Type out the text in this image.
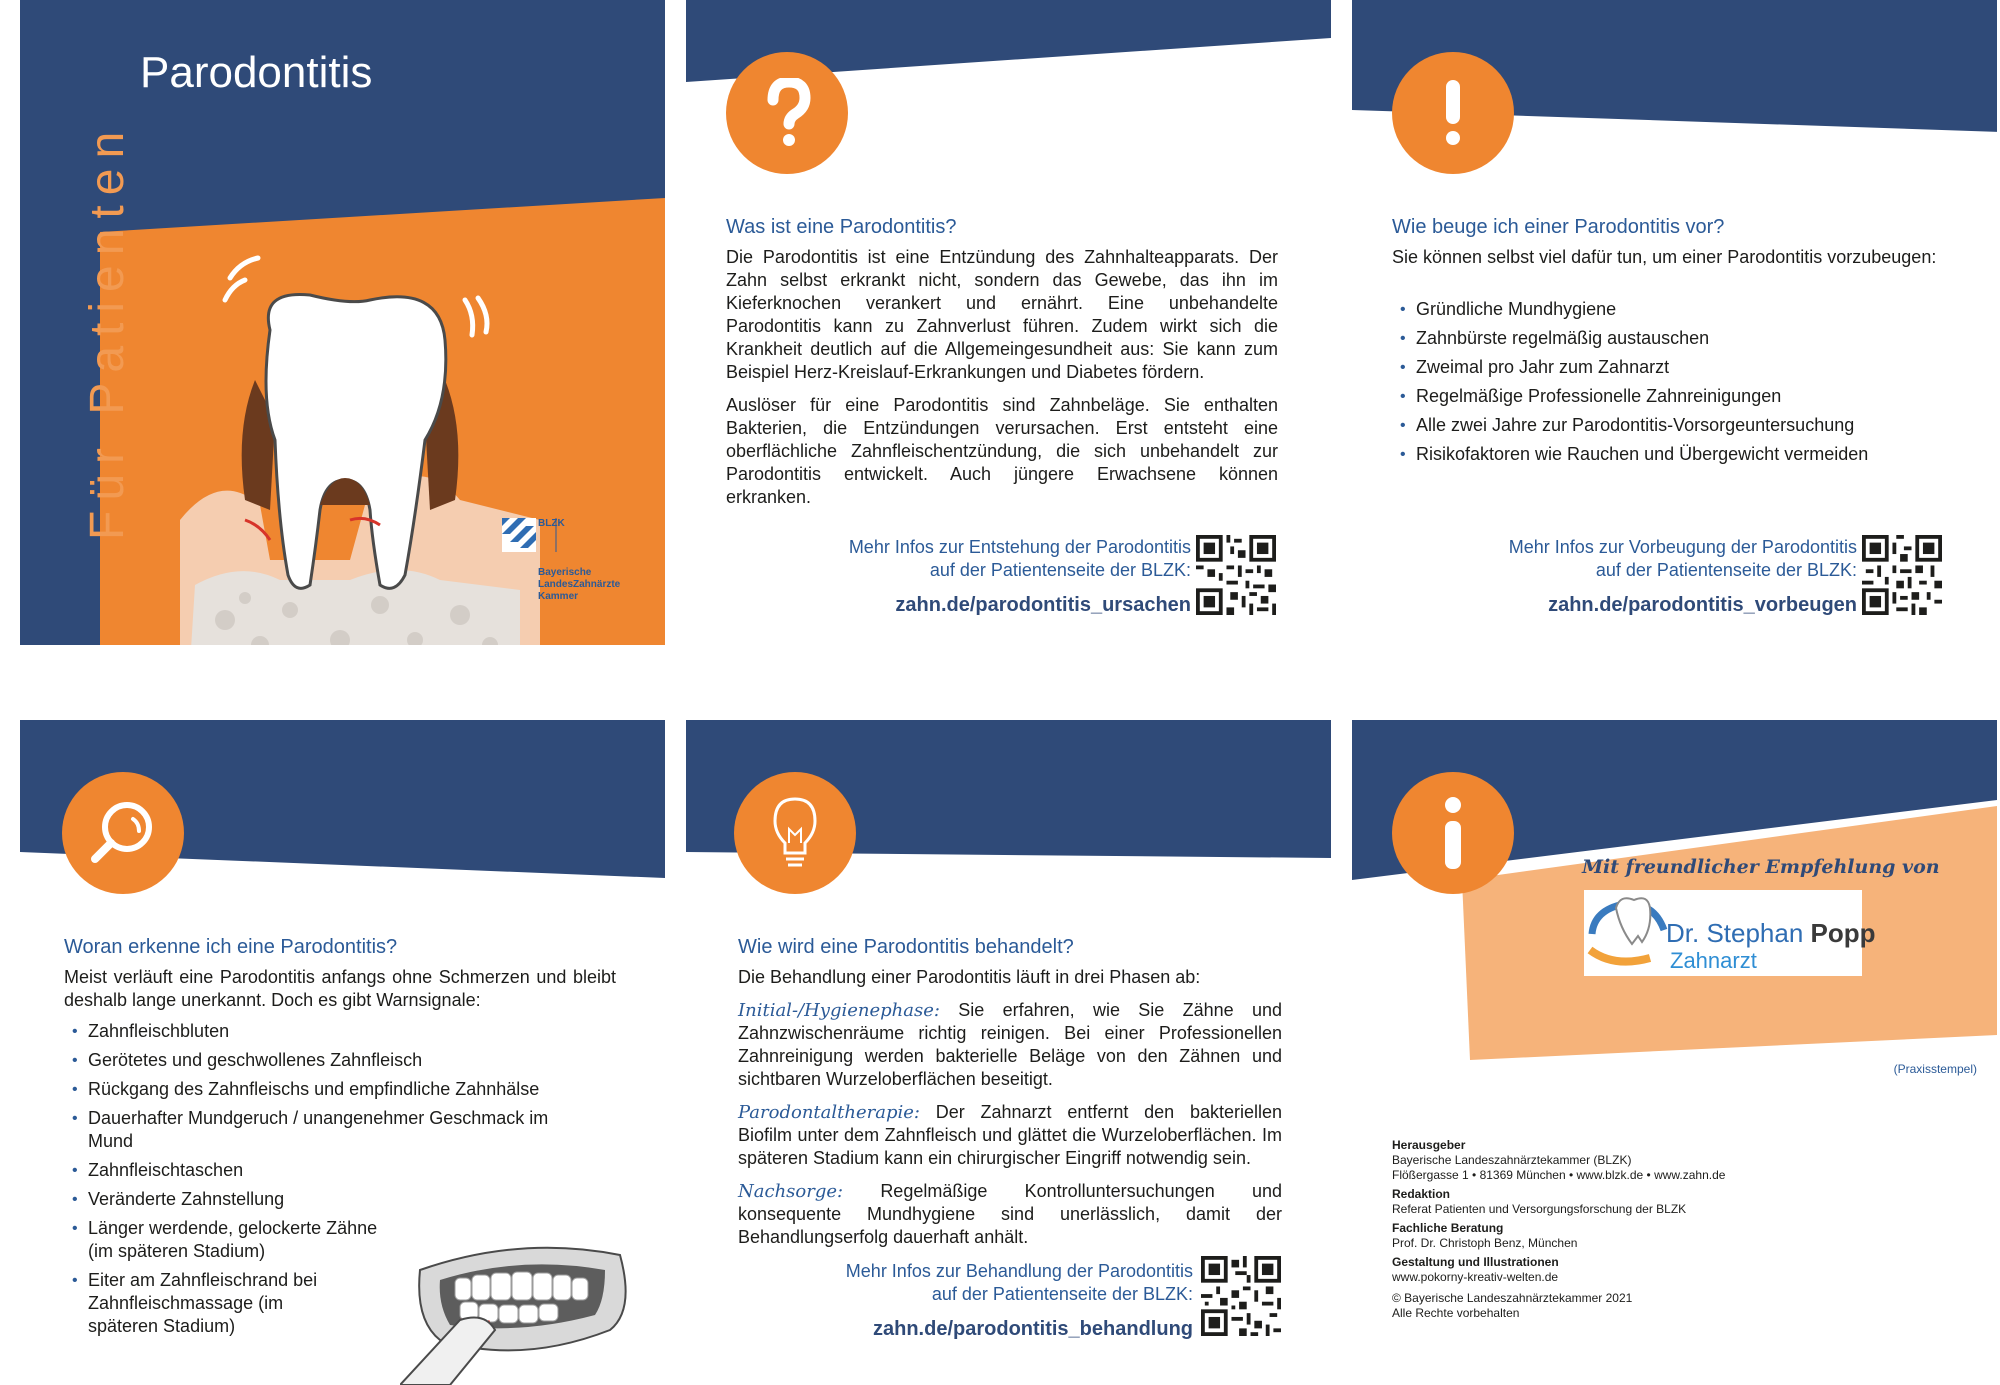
Parodontitis
Für Patienten	BLZK
Bayerische
LandesZahnärzte
Kammer
Was ist eine Parodontitis?

Die Parodontitis ist eine Entzündung des Zahnhalteapparats. Der Zahn selbst erkrankt nicht, sondern das Gewebe, das ihn im Kieferknochen verankert und ernährt. Eine unbehandelte Parodontitis kann zu Zahnverlust führen. Zudem wirkt sich die Krankheit deutlich auf die Allgemeingesundheit aus: Sie kann zum Beispiel Herz-Kreislauf-Erkrankungen und Diabetes fördern.

Auslöser für eine Parodontitis sind Zahnbeläge. Sie enthalten Bakterien, die Entzündungen verursachen. Erst entsteht eine oberflächliche Zahnfleischentzündung, die sich unbehandelt zur Parodontitis entwickelt. Auch jüngere Erwachsene können erkranken.

Mehr Infos zur Entstehung der Parodontitis
auf der Patientenseite der BLZK:
zahn.de/parodontitis_ursachen
Wie beuge ich einer Parodontitis vor?
Sie können selbst viel dafür tun, um einer Parodontitis vorzubeugen:
• Gründliche Mundhygiene
• Zahnbürste regelmäßig austauschen
• Zweimal pro Jahr zum Zahnarzt
• Regelmäßige Professionelle Zahnreinigungen
• Alle zwei Jahre zur Parodontitis-Vorsorgeuntersuchung
• Risikofaktoren wie Rauchen und Übergewicht vermeiden
Mehr Infos zur Vorbeugung der Parodontitis
auf der Patientenseite der BLZK:
zahn.de/parodontitis_vorbeugen
Woran erkenne ich eine Parodontitis?
Meist verläuft eine Parodontitis anfangs ohne Schmerzen und bleibt deshalb lange unerkannt. Doch es gibt Warnsignale:
• Zahnfleischbluten
• Gerötetes und geschwollenes Zahnfleisch
• Rückgang des Zahnfleischs und empfindliche Zahnhälse
• Dauerhafter Mundgeruch / unangenehmer Geschmack im Mund
• Zahnfleischtaschen
• Veränderte Zahnstellung
• Länger werdende, gelockerte Zähne (im späteren Stadium)
• Eiter am Zahnfleischrand bei Zahnfleischmassage (im späteren Stadium)
Wie wird eine Parodontitis behandelt?

Die Behandlung einer Parodontitis läuft in drei Phasen ab:

Initial-/Hygienephase: Sie erfahren, wie Sie Zähne und Zahnzwischenräume richtig reinigen. Bei einer Professionellen Zahnreinigung werden bakterielle Beläge von den Zähnen und sichtbaren Wurzeloberflächen beseitigt.
Parodontaltherapie: Der Zahnarzt entfernt den bakteriellen Biofilm unter dem Zahnfleisch und glättet die Wurzeloberflächen. Im späteren Stadium kann ein chirurgischer Eingriff notwendig sein.
Nachsorge: Regelmäßige Kontrolluntersuchungen und konsequente Mundhygiene sind unerlässlich, damit der Behandlungserfolg dauerhaft anhält.
Mehr Infos zur Behandlung der Parodontitis
auf der Patientenseite der BLZK:
zahn.de/parodontitis_behandlung
Mit freundlicher Empfehlung von
Dr. Stephan Popp
Zahnarzt
(Praxisstempel)
Herausgeber
Bayerische Landeszahnärztekammer (BLZK)
Flößergasse 1 • 81369 München • www.blzk.de • www.zahn.de
Redaktion
Referat Patienten und Versorgungsforschung der BLZK
Fachliche Beratung
Prof. Dr. Christoph Benz, München
Gestaltung und Illustrationen
www.pokorny-kreativ-welten.de
© Bayerische Landeszahnärztekammer 2021
Alle Rechte vorbehalten
